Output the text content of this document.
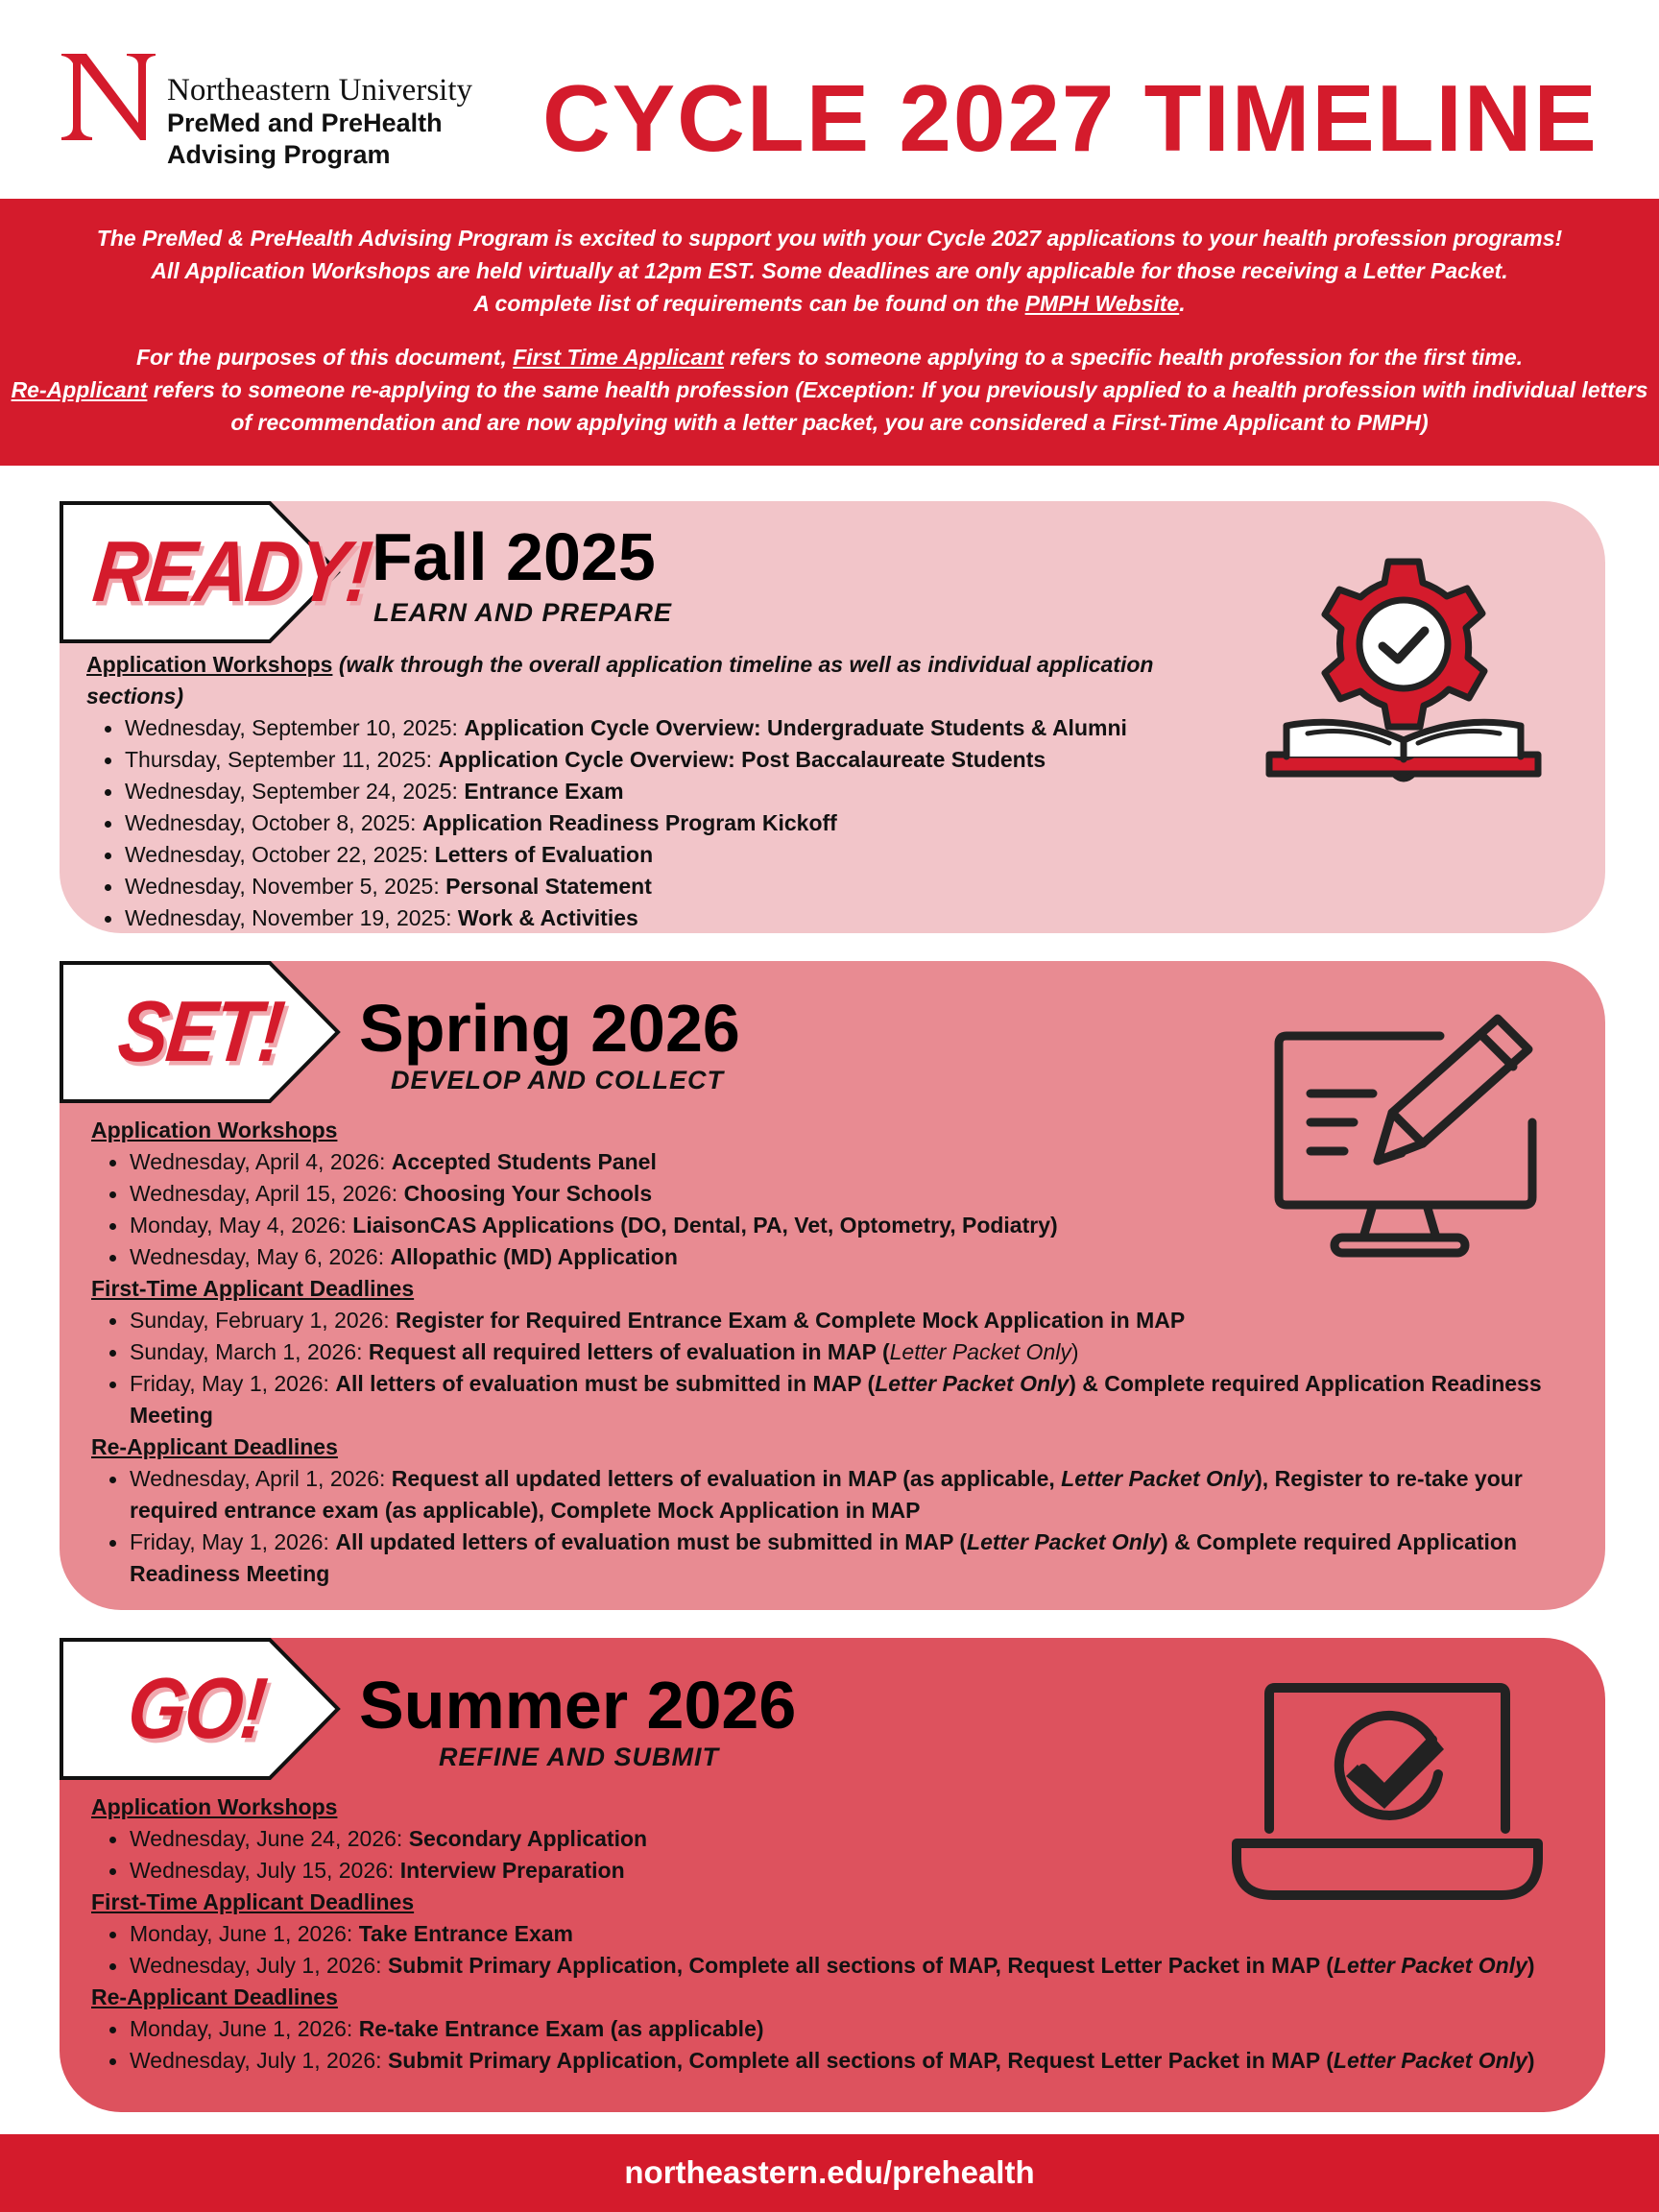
Northeastern University
PreMed and PreHealth
Advising Program	CYCLE 2027 TIMELINE

The PreMed & PreHealth Advising Program is excited to support you with your Cycle 2027 applications to your health profession programs!

All Application Workshops are held virtually at 12pm EST. Some deadlines are only applicable for those receiving a Letter Packet.

A complete list of requirements can be found on the PMPH Website.

For the purposes of this document, First Time Applicant refers to someone applying to a specific health profession for the first time.

Re-Applicant refers to someone re-applying to the same health profession (Exception: If you previously applied to a health profession with individual letters

of recommendation and are now applying with a letter packet, you are considered a First-Time Applicant to PMPH)

READY!
Fall 2025
LEARN AND PREPARE
Application Workshops (walk through the overall application timeline as well as individual application sections)
Wednesday, September 10, 2025: Application Cycle Overview: Undergraduate Students & Alumni
Thursday, September 11, 2025: Application Cycle Overview: Post Baccalaureate Students
Wednesday, September 24, 2025: Entrance Exam
Wednesday, October 8, 2025: Application Readiness Program Kickoff
Wednesday, October 22, 2025: Letters of Evaluation
Wednesday, November 5, 2025: Personal Statement
Wednesday, November 19, 2025: Work & Activities
SET! Spring 2026
DEVELOP AND COLLECT
Application Workshops
Wednesday, April 4, 2026: Accepted Students Panel
Wednesday, April 15, 2026: Choosing Your Schools
Monday, May 4, 2026: LiaisonCAS Applications (DO, Dental, PA, Vet, Optometry, Podiatry)
Wednesday, May 6, 2026: Allopathic (MD) Application
First-Time Applicant Deadlines
Sunday, February 1, 2026: Register for Required Entrance Exam & Complete Mock Application in MAP
Sunday, March 1, 2026: Request all required letters of evaluation in MAP (Letter Packet Only)
Friday, May 1, 2026: All letters of evaluation must be submitted in MAP (Letter Packet Only) & Complete required Application Readiness Meeting
Re-Applicant Deadlines
Wednesday, April 1, 2026: Request all updated letters of evaluation in MAP (as applicable, Letter Packet Only), Register to re-take your required entrance exam (as applicable), Complete Mock Application in MAP
Friday, May 1, 2026: All updated letters of evaluation must be submitted in MAP (Letter Packet Only) & Complete required Application Readiness Meeting
GO! Summer 2026
REFINE AND SUBMIT
Application Workshops
Wednesday, June 24, 2026: Secondary Application
Wednesday, July 15, 2026: Interview Preparation
First-Time Applicant Deadlines
Monday, June 1, 2026: Take Entrance Exam
Wednesday, July 1, 2026: Submit Primary Application, Complete all sections of MAP, Request Letter Packet in MAP (Letter Packet Only)
Re-Applicant Deadlines
Monday, June 1, 2026: Re-take Entrance Exam (as applicable)
Wednesday, July 1, 2026: Submit Primary Application, Complete all sections of MAP, Request Letter Packet in MAP (Letter Packet Only)
northeastern.edu/prehealth
